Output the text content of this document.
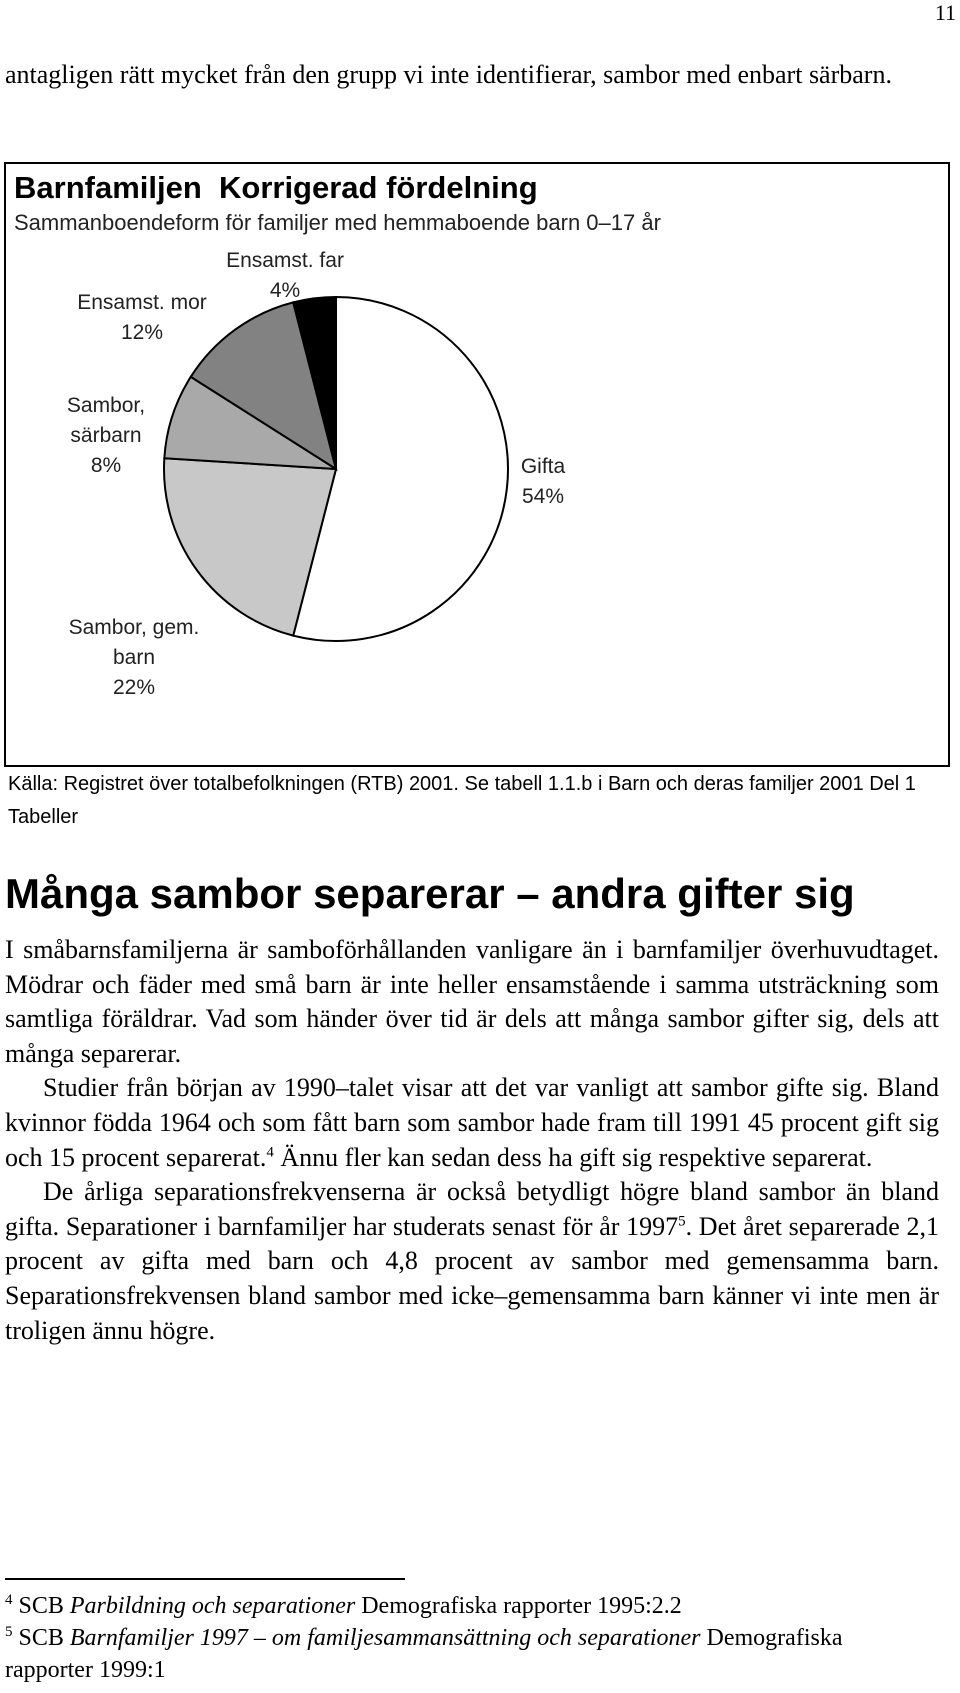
11

antagligen rätt mycket från den grupp vi inte identifierar, sambor med enbart särbarn.

Barnfamiljen  Korrigerad fördelning
Sammanboendeform för familjer med hemmaboende barn 0–17 år
Gifta
54%
Sambor, gem.
barn
22%
Sambor,
särbarn
8%
Ensamst. mor
12%
Ensamst. far
4%
Källa: Registret över totalbefolkningen (RTB) 2001. Se tabell 1.1.b i Barn och deras familjer 2001 Del 1 Tabeller
Många sambor separerar – andra gifter sig

I småbarnsfamiljerna är samboförhållanden vanligare än i barnfamiljer överhuvudtaget. Mödrar och fäder med små barn är inte heller ensamstående i samma utsträckning som samtliga föräldrar. Vad som händer över tid är dels att många sambor gifter sig, dels att många separerar.

Studier från början av 1990–talet visar att det var vanligt att sambor gifte sig. Bland kvinnor födda 1964 och som fått barn som sambor hade fram till 1991 45 procent gift sig och 15 procent separerat.$^4$ Ännu fler kan sedan dess ha gift sig respektive separerat.

De årliga separationsfrekvenserna är också betydligt högre bland sambor än bland gifta. Separationer i barnfamiljer har studerats senast för år 1997$^5$. Det året separerade 2,1 procent av gifta med barn och 4,8 procent av sambor med gemensamma barn. Separationsfrekvensen bland sambor med icke–gemensamma barn känner vi inte men är troligen ännu högre.

$^4$ SCB Parbildning och separationer Demografiska rapporter 1995:2.2
$^5$ SCB Barnfamiljer 1997 – om familjesammansättning och separationer Demografiska rapporter 1999:1
